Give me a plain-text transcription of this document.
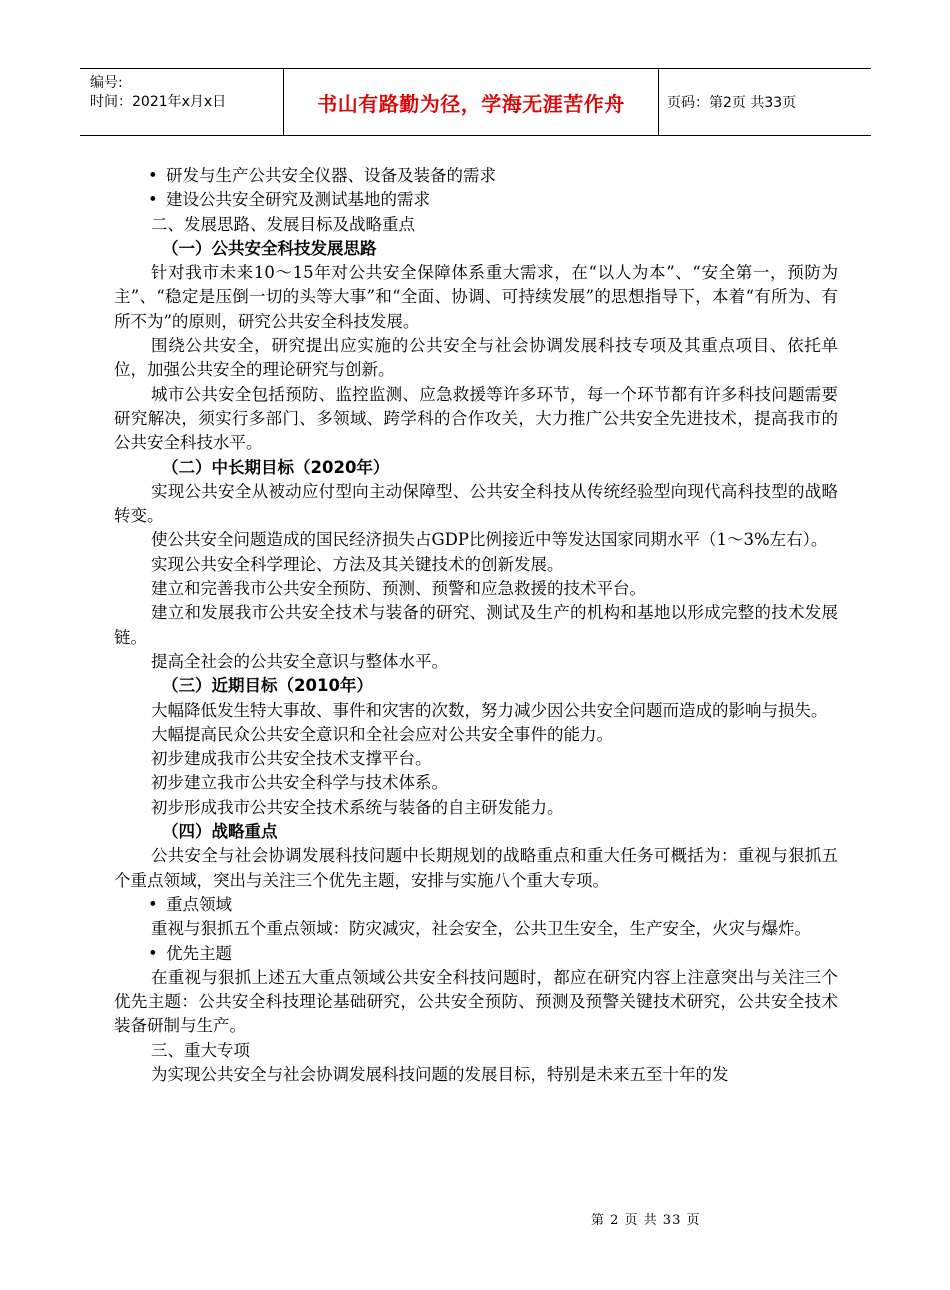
编号:
时间：2021年x月x日	书山有路勤为径，学海无涯苦作舟	页码：第2页 共33页
• 研发与生产公共安全仪器、设备及装备的需求
• 建设公共安全研究及测试基地的需求
二、发展思路、发展目标及战略重点
（一）公共安全科技发展思路
针对我市未来10～15年对公共安全保障体系重大需求，在“以人为本”、“安全第一，预防为主”、“稳定是压倒一切的头等大事”和“全面、协调、可持续发展”的思想指导下，本着“有所为、有所不为”的原则，研究公共安全科技发展。
围绕公共安全，研究提出应实施的公共安全与社会协调发展科技专项及其重点项目、依托单位，加强公共安全的理论研究与创新。
城市公共安全包括预防、监控监测、应急救援等许多环节，每一个环节都有许多科技问题需要研究解决，须实行多部门、多领域、跨学科的合作攻关，大力推广公共安全先进技术，提高我市的公共安全科技水平。
（二）中长期目标（2020年）
实现公共安全从被动应付型向主动保障型、公共安全科技从传统经验型向现代高科技型的战略转变。
使公共安全问题造成的国民经济损失占GDP比例接近中等发达国家同期水平（1～3%左右）。
实现公共安全科学理论、方法及其关键技术的创新发展。
建立和完善我市公共安全预防、预测、预警和应急救援的技术平台。
建立和发展我市公共安全技术与装备的研究、测试及生产的机构和基地以形成完整的技术发展链。
提高全社会的公共安全意识与整体水平。
（三）近期目标（2010年）
大幅降低发生特大事故、事件和灾害的次数，努力减少因公共安全问题而造成的影响与损失。
大幅提高民众公共安全意识和全社会应对公共安全事件的能力。
初步建成我市公共安全技术支撑平台。
初步建立我市公共安全科学与技术体系。
初步形成我市公共安全技术系统与装备的自主研发能力。
（四）战略重点
公共安全与社会协调发展科技问题中长期规划的战略重点和重大任务可概括为：重视与狠抓五个重点领域，突出与关注三个优先主题，安排与实施八个重大专项。
• 重点领域
重视与狠抓五个重点领域：防灾减灾，社会安全，公共卫生安全，生产安全，火灾与爆炸。
• 优先主题
在重视与狠抓上述五大重点领域公共安全科技问题时，都应在研究内容上注意突出与关注三个优先主题：公共安全科技理论基础研究，公共安全预防、预测及预警关键技术研究，公共安全技术装备研制与生产。
三、重大专项
为实现公共安全与社会协调发展科技问题的发展目标，特别是未来五至十年的发
第 2 页 共 33 页
